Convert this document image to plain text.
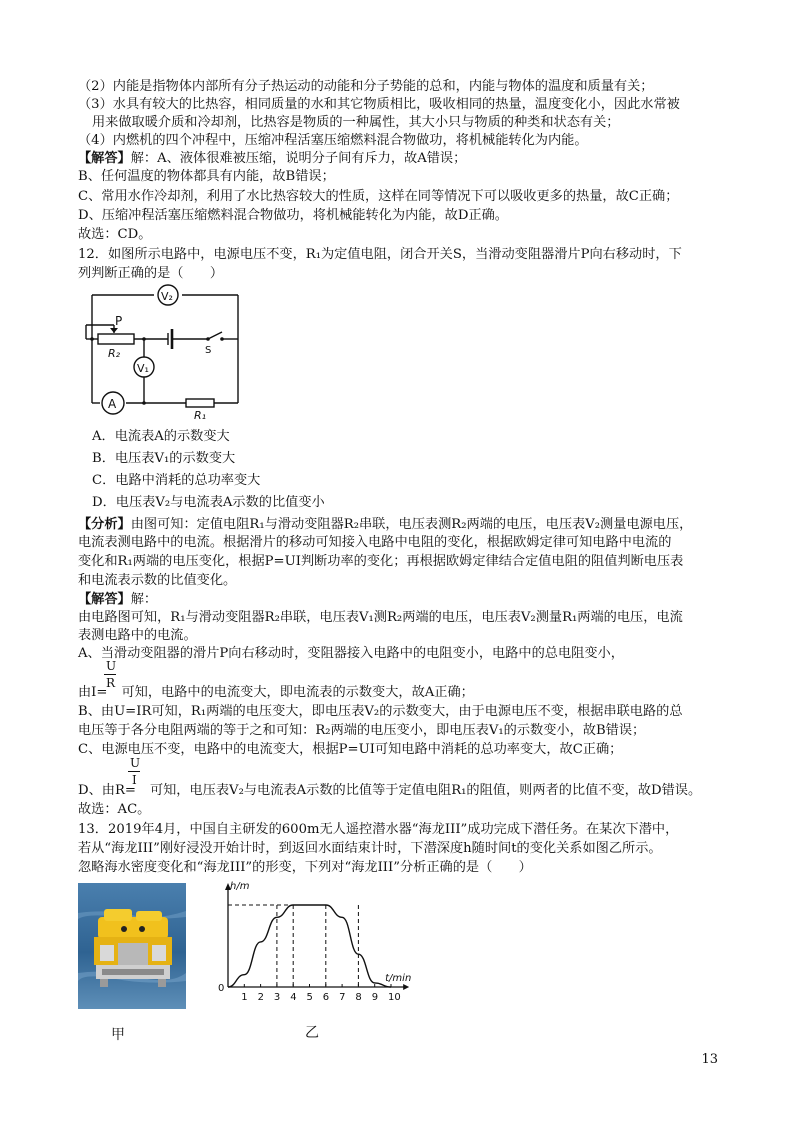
（2）内能是指物体内部所有分子热运动的动能和分子势能的总和，内能与物体的温度和质量有关；
（3）水具有较大的比热容，相同质量的水和其它物质相比，吸收相同的热量，温度变化小，因此水常被
用来做取暖介质和冷却剂，比热容是物质的一种属性，其大小只与物质的种类和状态有关；
（4）内燃机的四个冲程中，压缩冲程活塞压缩燃料混合物做功，将机械能转化为内能。
【解答】解：A、液体很难被压缩，说明分子间有斥力，故A错误；
B、任何温度的物体都具有内能，故B错误；
C、常用水作冷却剂，利用了水比热容较大的性质，这样在同等情况下可以吸收更多的热量，故C正确；
D、压缩冲程活塞压缩燃料混合物做功，将机械能转化为内能，故D正确。
故选：CD。
12．如图所示电路中，电源电压不变，R₁为定值电阻，闭合开关S，当滑动变阻器滑片P向右移动时，下
列判断正确的是（　　）
V₂
V₁
A
P
R₂	S
R₁
A．电流表A的示数变大
B．电压表V₁的示数变大
C．电路中消耗的总功率变大
D．电压表V₂与电流表A示数的比值变小
【分析】由图可知：定值电阻R₁与滑动变阻器R₂串联，电压表测R₂两端的电压，电压表V₂测量电源电压，
电流表测电路中的电流。根据滑片的移动可知接入电路中电阻的变化，根据欧姆定律可知电路中电流的
变化和R₁两端的电压变化，根据P=UI判断功率的变化；再根据欧姆定律结合定值电阻的阻值判断电压表
和电流表示数的比值变化。
【解答】解：
由电路图可知，R₁与滑动变阻器R₂串联，电压表V₁测R₂两端的电压，电压表V₂测量R₁两端的电压，电流
表测电路中的电流。
A、当滑动变阻器的滑片P向右移动时，变阻器接入电路中的电阻变小，电路中的总电阻变小，
U
R
由I= 可知，电路中的电流变大，即电流表的示数变大，故A正确；
B、由U=IR可知，R₁两端的电压变大，即电压表V₂的示数变大，由于电源电压不变，根据串联电路的总
电压等于各分电阻两端的等于之和可知：R₂两端的电压变小，即电压表V₁的示数变小，故B错误；
C、电源电压不变，电路中的电流变大，根据P=UI可知电路中消耗的总功率变大，故C正确；
U
I
D、由R= 可知，电压表V₂与电流表A示数的比值等于定值电阻R₁的阻值，则两者的比值不变，故D错误。
故选：AC。
13．2019年4月，中国自主研发的600m无人遥控潜水器“海龙III”成功完成下潜任务。在某次下潜中，
若从“海龙III”刚好浸没开始计时，到返回水面结束计时，下潜深度h随时间t的变化关系如图乙所示。
忽略海水密度变化和“海龙III”的形变，下列对“海龙III”分析正确的是（　　）
h/m
t/min
0
1 2 3 4 5 6 7 8 9 10
甲	乙
13
